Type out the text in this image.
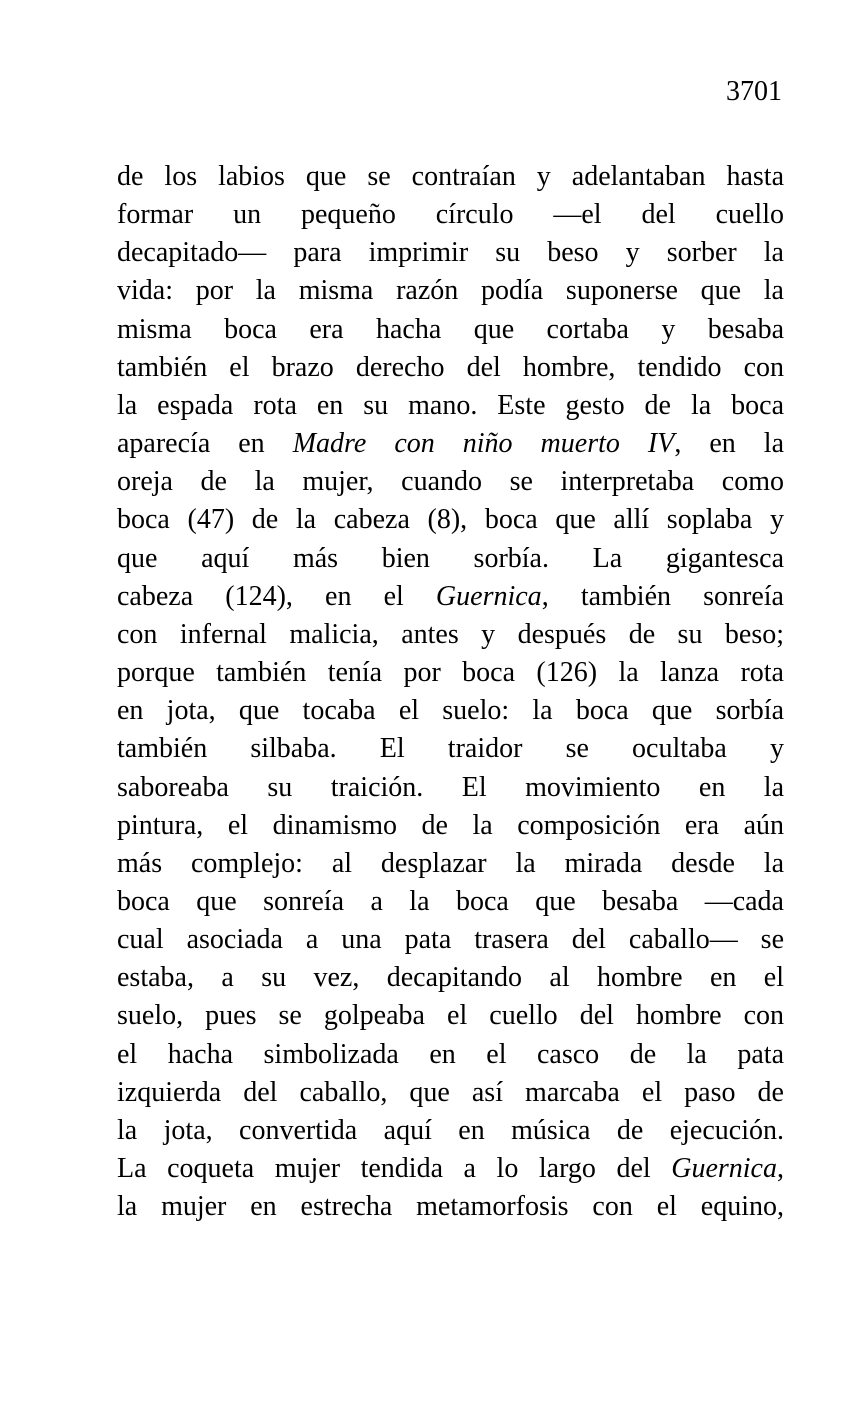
3701
de los labios que se contraían y adelantaban hasta
formar un pequeño círculo —el del cuello
decapitado— para imprimir su beso y sorber la
vida: por la misma razón podía suponerse que la
misma boca era hacha que cortaba y besaba
también el brazo derecho del hombre, tendido con
la espada rota en su mano. Este gesto de la boca
aparecía en Madre con niño muerto IV, en la
oreja de la mujer, cuando se interpretaba como
boca (47) de la cabeza (8), boca que allí soplaba y
que aquí más bien sorbía. La gigantesca
cabeza (124), en el Guernica, también sonreía
con infernal malicia, antes y después de su beso;
porque también tenía por boca (126) la lanza rota
en jota, que tocaba el suelo: la boca que sorbía
también silbaba. El traidor se ocultaba y
saboreaba su traición. El movimiento en la
pintura, el dinamismo de la composición era aún
más complejo: al desplazar la mirada desde la
boca que sonreía a la boca que besaba —cada
cual asociada a una pata trasera del caballo— se
estaba, a su vez, decapitando al hombre en el
suelo, pues se golpeaba el cuello del hombre con
el hacha simbolizada en el casco de la pata
izquierda del caballo, que así marcaba el paso de
la jota, convertida aquí en música de ejecución.
La coqueta mujer tendida a lo largo del Guernica,
la mujer en estrecha metamorfosis con el equino,
